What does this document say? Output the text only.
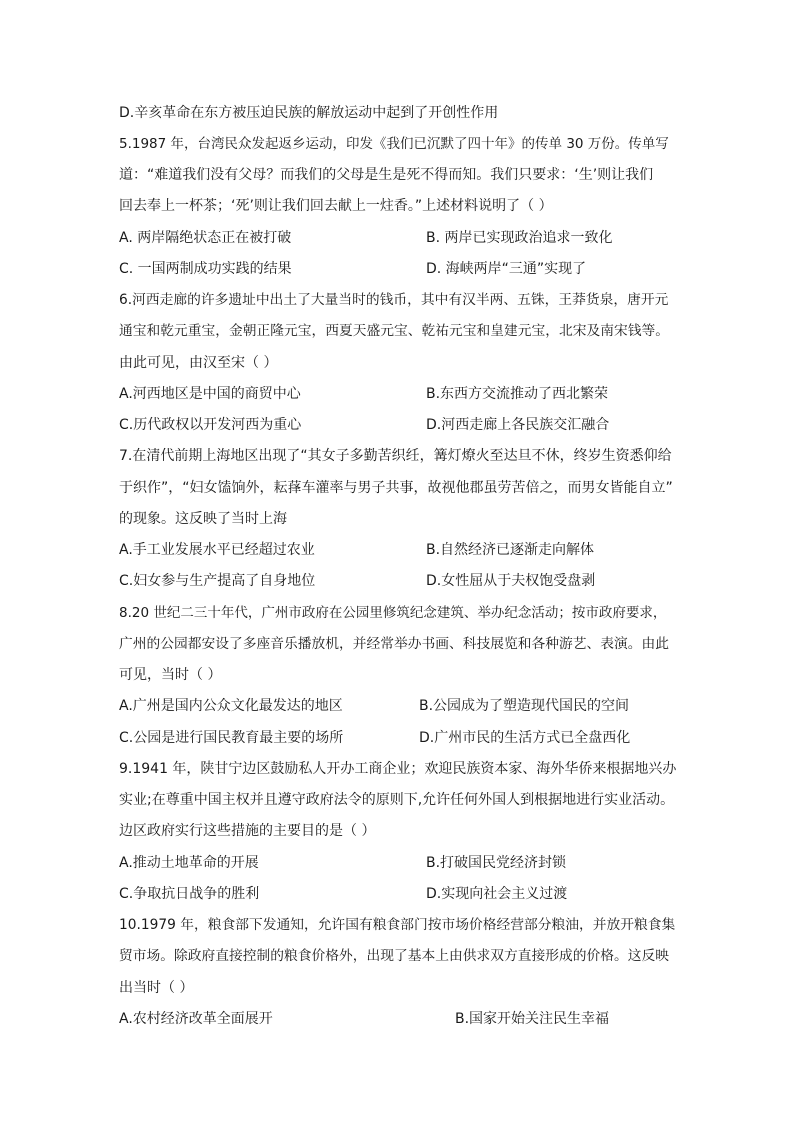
D.辛亥革命在东方被压迫民族的解放运动中起到了开创性作用
5.1987 年，台湾民众发起返乡运动，印发《我们已沉默了四十年》的传单 30 万份。传单写
道：“难道我们没有父母？而我们的父母是生是死不得而知。我们只要求：‘生’则让我们
回去奉上一杯茶；‘死’则让我们回去献上一炷香。”上述材料说明了（ ）
A. 两岸隔绝状态正在被打破	B. 两岸已实现政治追求一致化
C. 一国两制成功实践的结果	D. 海峡两岸“三通”实现了
6.河西走廊的许多遗址中出土了大量当时的钱币，其中有汉半两、五铢，王莽货泉，唐开元
通宝和乾元重宝，金朝正隆元宝，西夏天盛元宝、乾祐元宝和皇建元宝，北宋及南宋钱等。
由此可见，由汉至宋（ ）
A.河西地区是中国的商贸中心	B.东西方交流推动了西北繁荣
C.历代政权以开发河西为重心	D.河西走廊上各民族交汇融合
7.在清代前期上海地区出现了“其女子多勤苦织纴，篝灯燎火至达旦不休，终岁生资悉仰给
于织作”，“妇女馌饷外，耘萚车灌率与男子共事，故视他郡虽劳苦倍之，而男女皆能自立”
的现象。这反映了当时上海
A.手工业发展水平已经超过农业	B.自然经济已逐渐走向解体
C.妇女参与生产提高了自身地位	D.女性屈从于夫权饱受盘剥
8.20 世纪二三十年代，广州市政府在公园里修筑纪念建筑、举办纪念活动；按市政府要求，
广州的公园都安设了多座音乐播放机，并经常举办书画、科技展览和各种游艺、表演。由此
可见，当时（ ）
A.广州是国内公众文化最发达的地区	B.公园成为了塑造现代国民的空间
C.公园是进行国民教育最主要的场所	D.广州市民的生活方式已全盘西化
9.1941 年，陕甘宁边区鼓励私人开办工商企业；欢迎民族资本家、海外华侨来根据地兴办
实业;在尊重中国主权并且遵守政府法令的原则下,允许任何外国人到根据地进行实业活动。
边区政府实行这些措施的主要目的是（ ）
A.推动土地革命的开展	B.打破国民党经济封锁
C.争取抗日战争的胜利	D.实现向社会主义过渡
10.1979 年，粮食部下发通知，允许国有粮食部门按市场价格经营部分粮油，并放开粮食集
贸市场。除政府直接控制的粮食价格外，出现了基本上由供求双方直接形成的价格。这反映
出当时（ ）
A.农村经济改革全面展开	B.国家开始关注民生幸福
